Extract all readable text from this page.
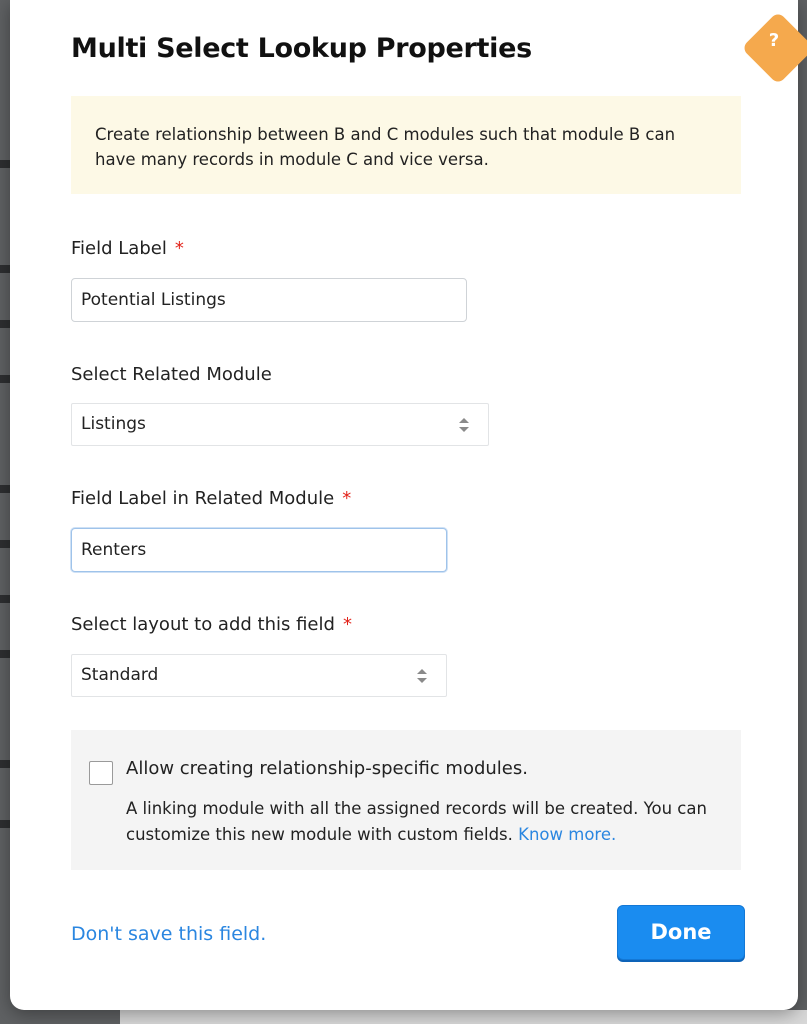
Multi Select Lookup Properties
Create relationship between B and C modules such that module B can have many records in module C and vice versa.
Field Label *
Potential Listings
Select Related Module
Listings
Field Label in Related Module *
Renters
Select layout to add this field *
Standard
Allow creating relationship-specific modules.
A linking module with all the assigned records will be created. You can customize this new module with custom fields. Know more.
Don't save this field.	Done
?
